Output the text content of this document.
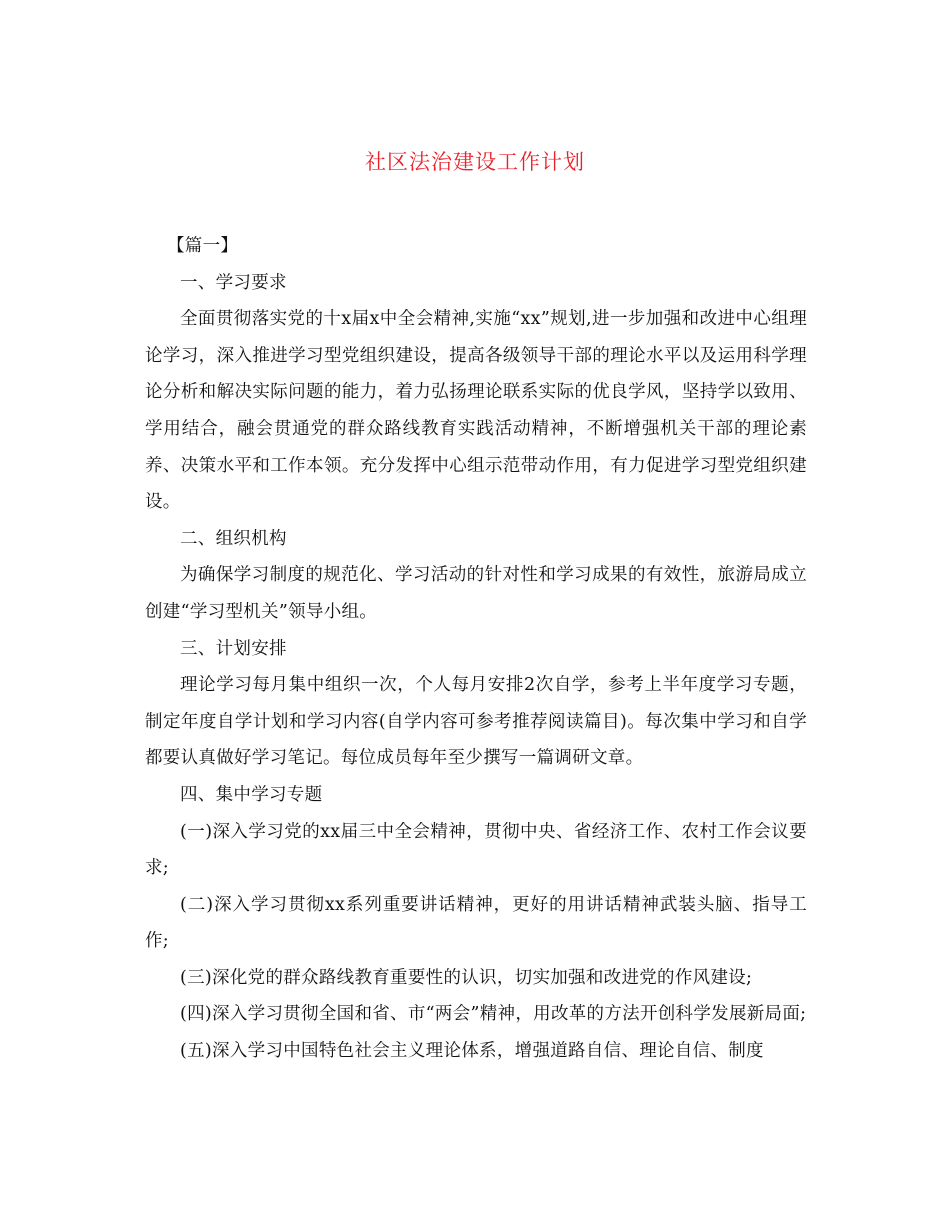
社区法治建设工作计划

【篇一】

一、学习要求

全面贯彻落实党的十x届x中全会精神,实施“xx”规划,进一步加强和改进中心组理论学习，深入推进学习型党组织建设，提高各级领导干部的理论水平以及运用科学理论分析和解决实际问题的能力，着力弘扬理论联系实际的优良学风，坚持学以致用、学用结合，融会贯通党的群众路线教育实践活动精神，不断增强机关干部的理论素养、决策水平和工作本领。充分发挥中心组示范带动作用，有力促进学习型党组织建设。

二、组织机构

为确保学习制度的规范化、学习活动的针对性和学习成果的有效性，旅游局成立创建“学习型机关”领导小组。

三、计划安排

理论学习每月集中组织一次，个人每月安排2次自学，参考上半年度学习专题，制定年度自学计划和学习内容(自学内容可参考推荐阅读篇目)。每次集中学习和自学都要认真做好学习笔记。每位成员每年至少撰写一篇调研文章。

四、集中学习专题

(一)深入学习党的xx届三中全会精神，贯彻中央、省经济工作、农村工作会议要求;

(二)深入学习贯彻xx系列重要讲话精神，更好的用讲话精神武装头脑、指导工作;

(三)深化党的群众路线教育重要性的认识，切实加强和改进党的作风建设;

(四)深入学习贯彻全国和省、市“两会”精神，用改革的方法开创科学发展新局面;

(五)深入学习中国特色社会主义理论体系，增强道路自信、理论自信、制度
